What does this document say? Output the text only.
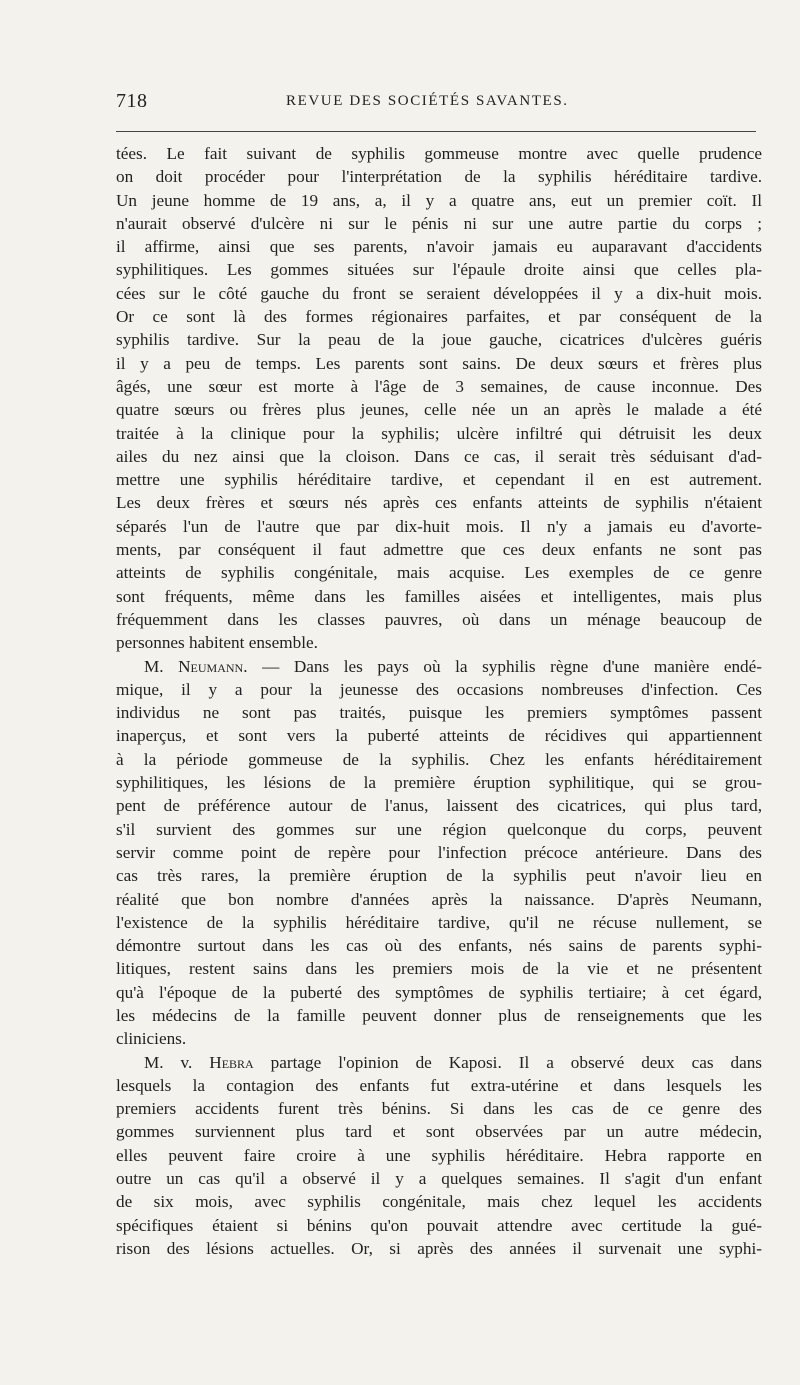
718	REVUE DES SOCIÉTÉS SAVANTES.
tées. Le fait suivant de syphilis gommeuse montre avec quelle prudence
on doit procéder pour l'interprétation de la syphilis héréditaire tardive.
Un jeune homme de 19 ans, a, il y a quatre ans, eut un premier coït. Il
n'aurait observé d'ulcère ni sur le pénis ni sur une autre partie du corps ;
il affirme, ainsi que ses parents, n'avoir jamais eu auparavant d'accidents
syphilitiques. Les gommes situées sur l'épaule droite ainsi que celles pla-
cées sur le côté gauche du front se seraient développées il y a dix-huit mois.
Or ce sont là des formes régionaires parfaites, et par conséquent de la
syphilis tardive. Sur la peau de la joue gauche, cicatrices d'ulcères guéris
il y a peu de temps. Les parents sont sains. De deux sœurs et frères plus
âgés, une sœur est morte à l'âge de 3 semaines, de cause inconnue. Des
quatre sœurs ou frères plus jeunes, celle née un an après le malade a été
traitée à la clinique pour la syphilis; ulcère infiltré qui détruisit les deux
ailes du nez ainsi que la cloison. Dans ce cas, il serait très séduisant d'ad-
mettre une syphilis héréditaire tardive, et cependant il en est autrement.
Les deux frères et sœurs nés après ces enfants atteints de syphilis n'étaient
séparés l'un de l'autre que par dix-huit mois. Il n'y a jamais eu d'avorte-
ments, par conséquent il faut admettre que ces deux enfants ne sont pas
atteints de syphilis congénitale, mais acquise. Les exemples de ce genre
sont fréquents, même dans les familles aisées et intelligentes, mais plus
fréquemment dans les classes pauvres, où dans un ménage beaucoup de
personnes habitent ensemble.
M. Neumann. — Dans les pays où la syphilis règne d'une manière endé-
mique, il y a pour la jeunesse des occasions nombreuses d'infection. Ces
individus ne sont pas traités, puisque les premiers symptômes passent
inaperçus, et sont vers la puberté atteints de récidives qui appartiennent
à la période gommeuse de la syphilis. Chez les enfants héréditairement
syphilitiques, les lésions de la première éruption syphilitique, qui se grou-
pent de préférence autour de l'anus, laissent des cicatrices, qui plus tard,
s'il survient des gommes sur une région quelconque du corps, peuvent
servir comme point de repère pour l'infection précoce antérieure. Dans des
cas très rares, la première éruption de la syphilis peut n'avoir lieu en
réalité que bon nombre d'années après la naissance. D'après Neumann,
l'existence de la syphilis héréditaire tardive, qu'il ne récuse nullement, se
démontre surtout dans les cas où des enfants, nés sains de parents syphi-
litiques, restent sains dans les premiers mois de la vie et ne présentent
qu'à l'époque de la puberté des symptômes de syphilis tertiaire; à cet égard,
les médecins de la famille peuvent donner plus de renseignements que les
cliniciens.
M. v. Hebra partage l'opinion de Kaposi. Il a observé deux cas dans
lesquels la contagion des enfants fut extra-utérine et dans lesquels les
premiers accidents furent très bénins. Si dans les cas de ce genre des
gommes surviennent plus tard et sont observées par un autre médecin,
elles peuvent faire croire à une syphilis héréditaire. Hebra rapporte en
outre un cas qu'il a observé il y a quelques semaines. Il s'agit d'un enfant
de six mois, avec syphilis congénitale, mais chez lequel les accidents
spécifiques étaient si bénins qu'on pouvait attendre avec certitude la gué-
rison des lésions actuelles. Or, si après des années il survenait une syphi-
